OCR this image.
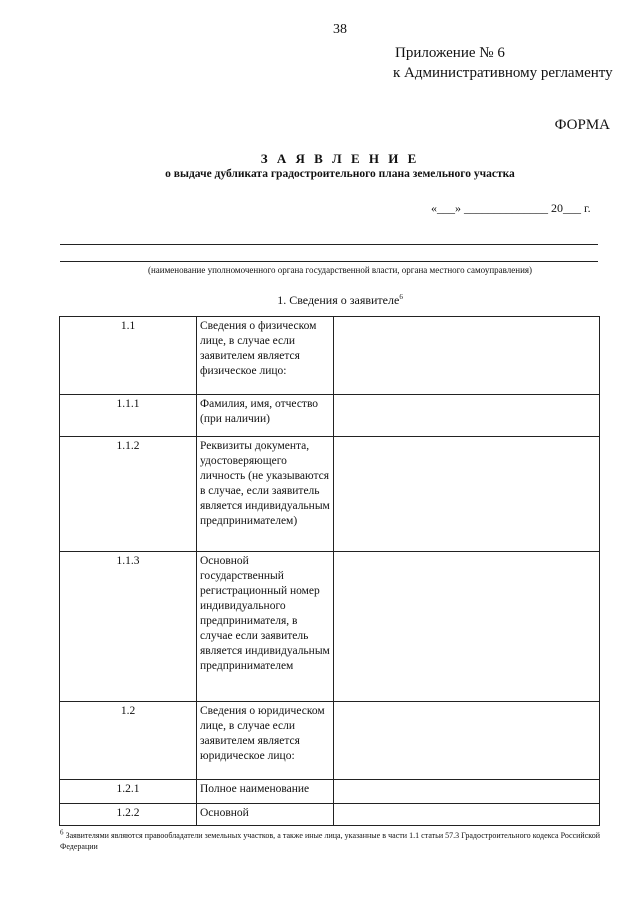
38
Приложение № 6
к Административному регламенту
ФОРМА
З А Я В Л Е Н И Е
о выдаче дубликата градостроительного плана земельного участка
«___» ______________ 20___ г.
(наименование уполномоченного органа государственной власти, органа местного самоуправления)
1. Сведения о заявителе$^6$
1.1	Сведения о физическом лице, в случае если заявителем является физическое лицо:	
1.1.1	Фамилия, имя, отчество (при наличии)	
1.1.2	Реквизиты документа, удостоверяющего личность (не указываются в случае, если заявитель является индивидуальным предпринимателем)	
1.1.3	Основной государственный регистрационный номер индивидуального предпринимателя, в случае если заявитель является индивидуальным предпринимателем	
1.2	Сведения о юридическом лице, в случае если заявителем является юридическое лицо:	
1.2.1	Полное наименование	
1.2.2	Основной	
$^6$ Заявителями являются правообладатели земельных участков, а также иные лица, указанные в части 1.1 статьи 57.3 Градостроительного кодекса Российской Федерации
